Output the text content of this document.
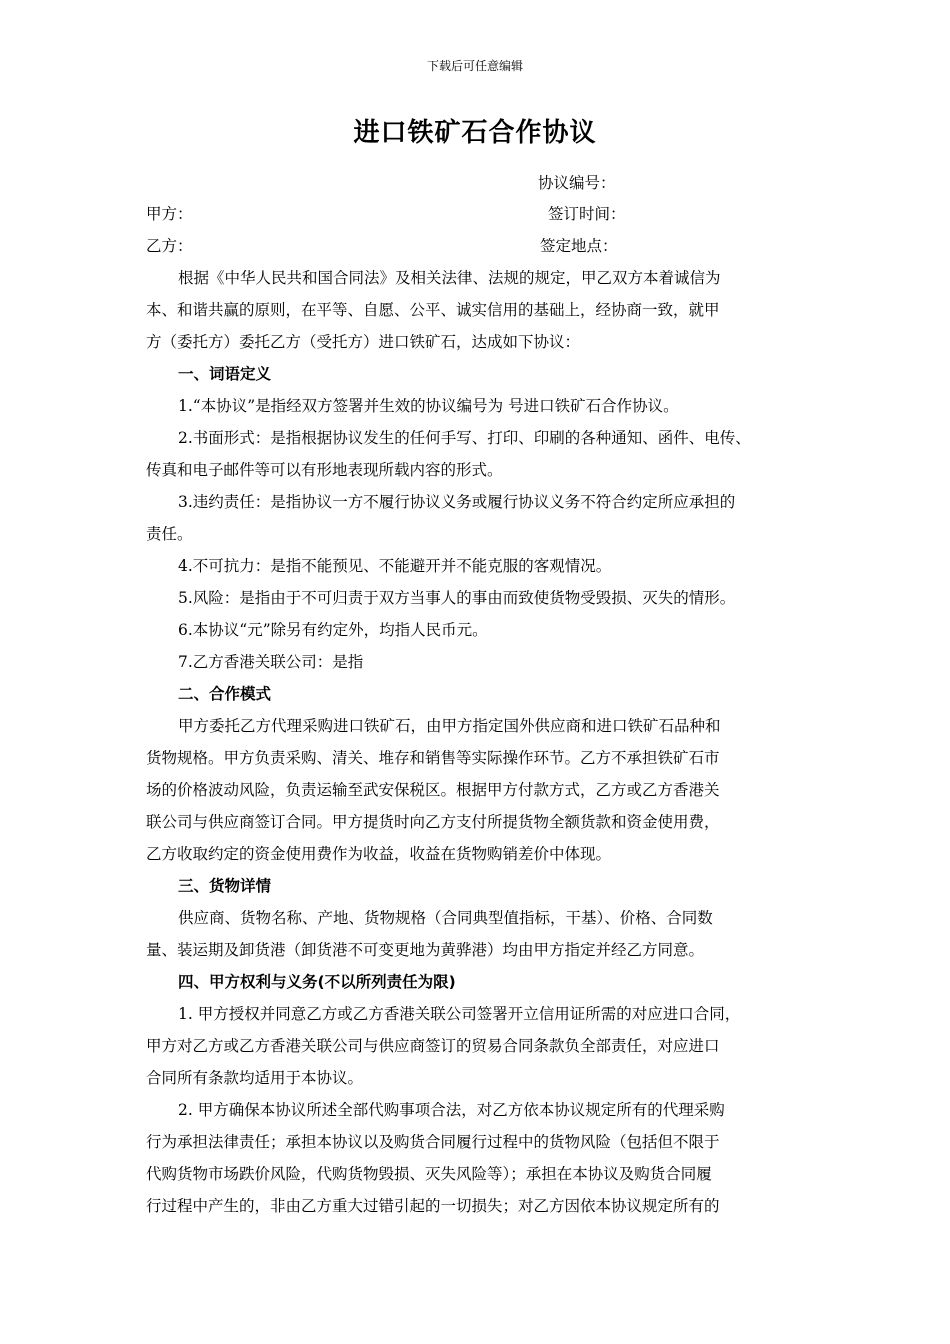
下载后可任意编辑
进口铁矿石合作协议
协议编号：
甲方：	签订时间：
乙方：	签定地点：
根据《中华人民共和国合同法》及相关法律、法规的规定，甲乙双方本着诚信为
本、和谐共赢的原则，在平等、自愿、公平、诚实信用的基础上，经协商一致，就甲
方（委托方）委托乙方（受托方）进口铁矿石，达成如下协议：
一、词语定义
1.“本协议”是指经双方签署并生效的协议编号为 号进口铁矿石合作协议。
2.书面形式：是指根据协议发生的任何手写、打印、印刷的各种通知、函件、电传、
传真和电子邮件等可以有形地表现所载内容的形式。
3.违约责任：是指协议一方不履行协议义务或履行协议义务不符合约定所应承担的
责任。
4.不可抗力：是指不能预见、不能避开并不能克服的客观情况。
5.风险：是指由于不可归责于双方当事人的事由而致使货物受毁损、灭失的情形。
6.本协议“元”除另有约定外，均指人民币元。
7.乙方香港关联公司：是指
二、合作模式
甲方委托乙方代理采购进口铁矿石，由甲方指定国外供应商和进口铁矿石品种和
货物规格。甲方负责采购、清关、堆存和销售等实际操作环节。乙方不承担铁矿石市
场的价格波动风险，负责运输至武安保税区。根据甲方付款方式，乙方或乙方香港关
联公司与供应商签订合同。甲方提货时向乙方支付所提货物全额货款和资金使用费，
乙方收取约定的资金使用费作为收益，收益在货物购销差价中体现。
三、货物详情
供应商、货物名称、产地、货物规格（合同典型值指标，干基）、价格、合同数
量、装运期及卸货港（卸货港不可变更地为黄骅港）均由甲方指定并经乙方同意。
四、甲方权利与义务(不以所列责任为限)
1. 甲方授权并同意乙方或乙方香港关联公司签署开立信用证所需的对应进口合同，
甲方对乙方或乙方香港关联公司与供应商签订的贸易合同条款负全部责任，对应进口
合同所有条款均适用于本协议。
2. 甲方确保本协议所述全部代购事项合法，对乙方依本协议规定所有的代理采购
行为承担法律责任；承担本协议以及购货合同履行过程中的货物风险（包括但不限于
代购货物市场跌价风险，代购货物毁损、灭失风险等）；承担在本协议及购货合同履
行过程中产生的，非由乙方重大过错引起的一切损失；对乙方因依本协议规定所有的
